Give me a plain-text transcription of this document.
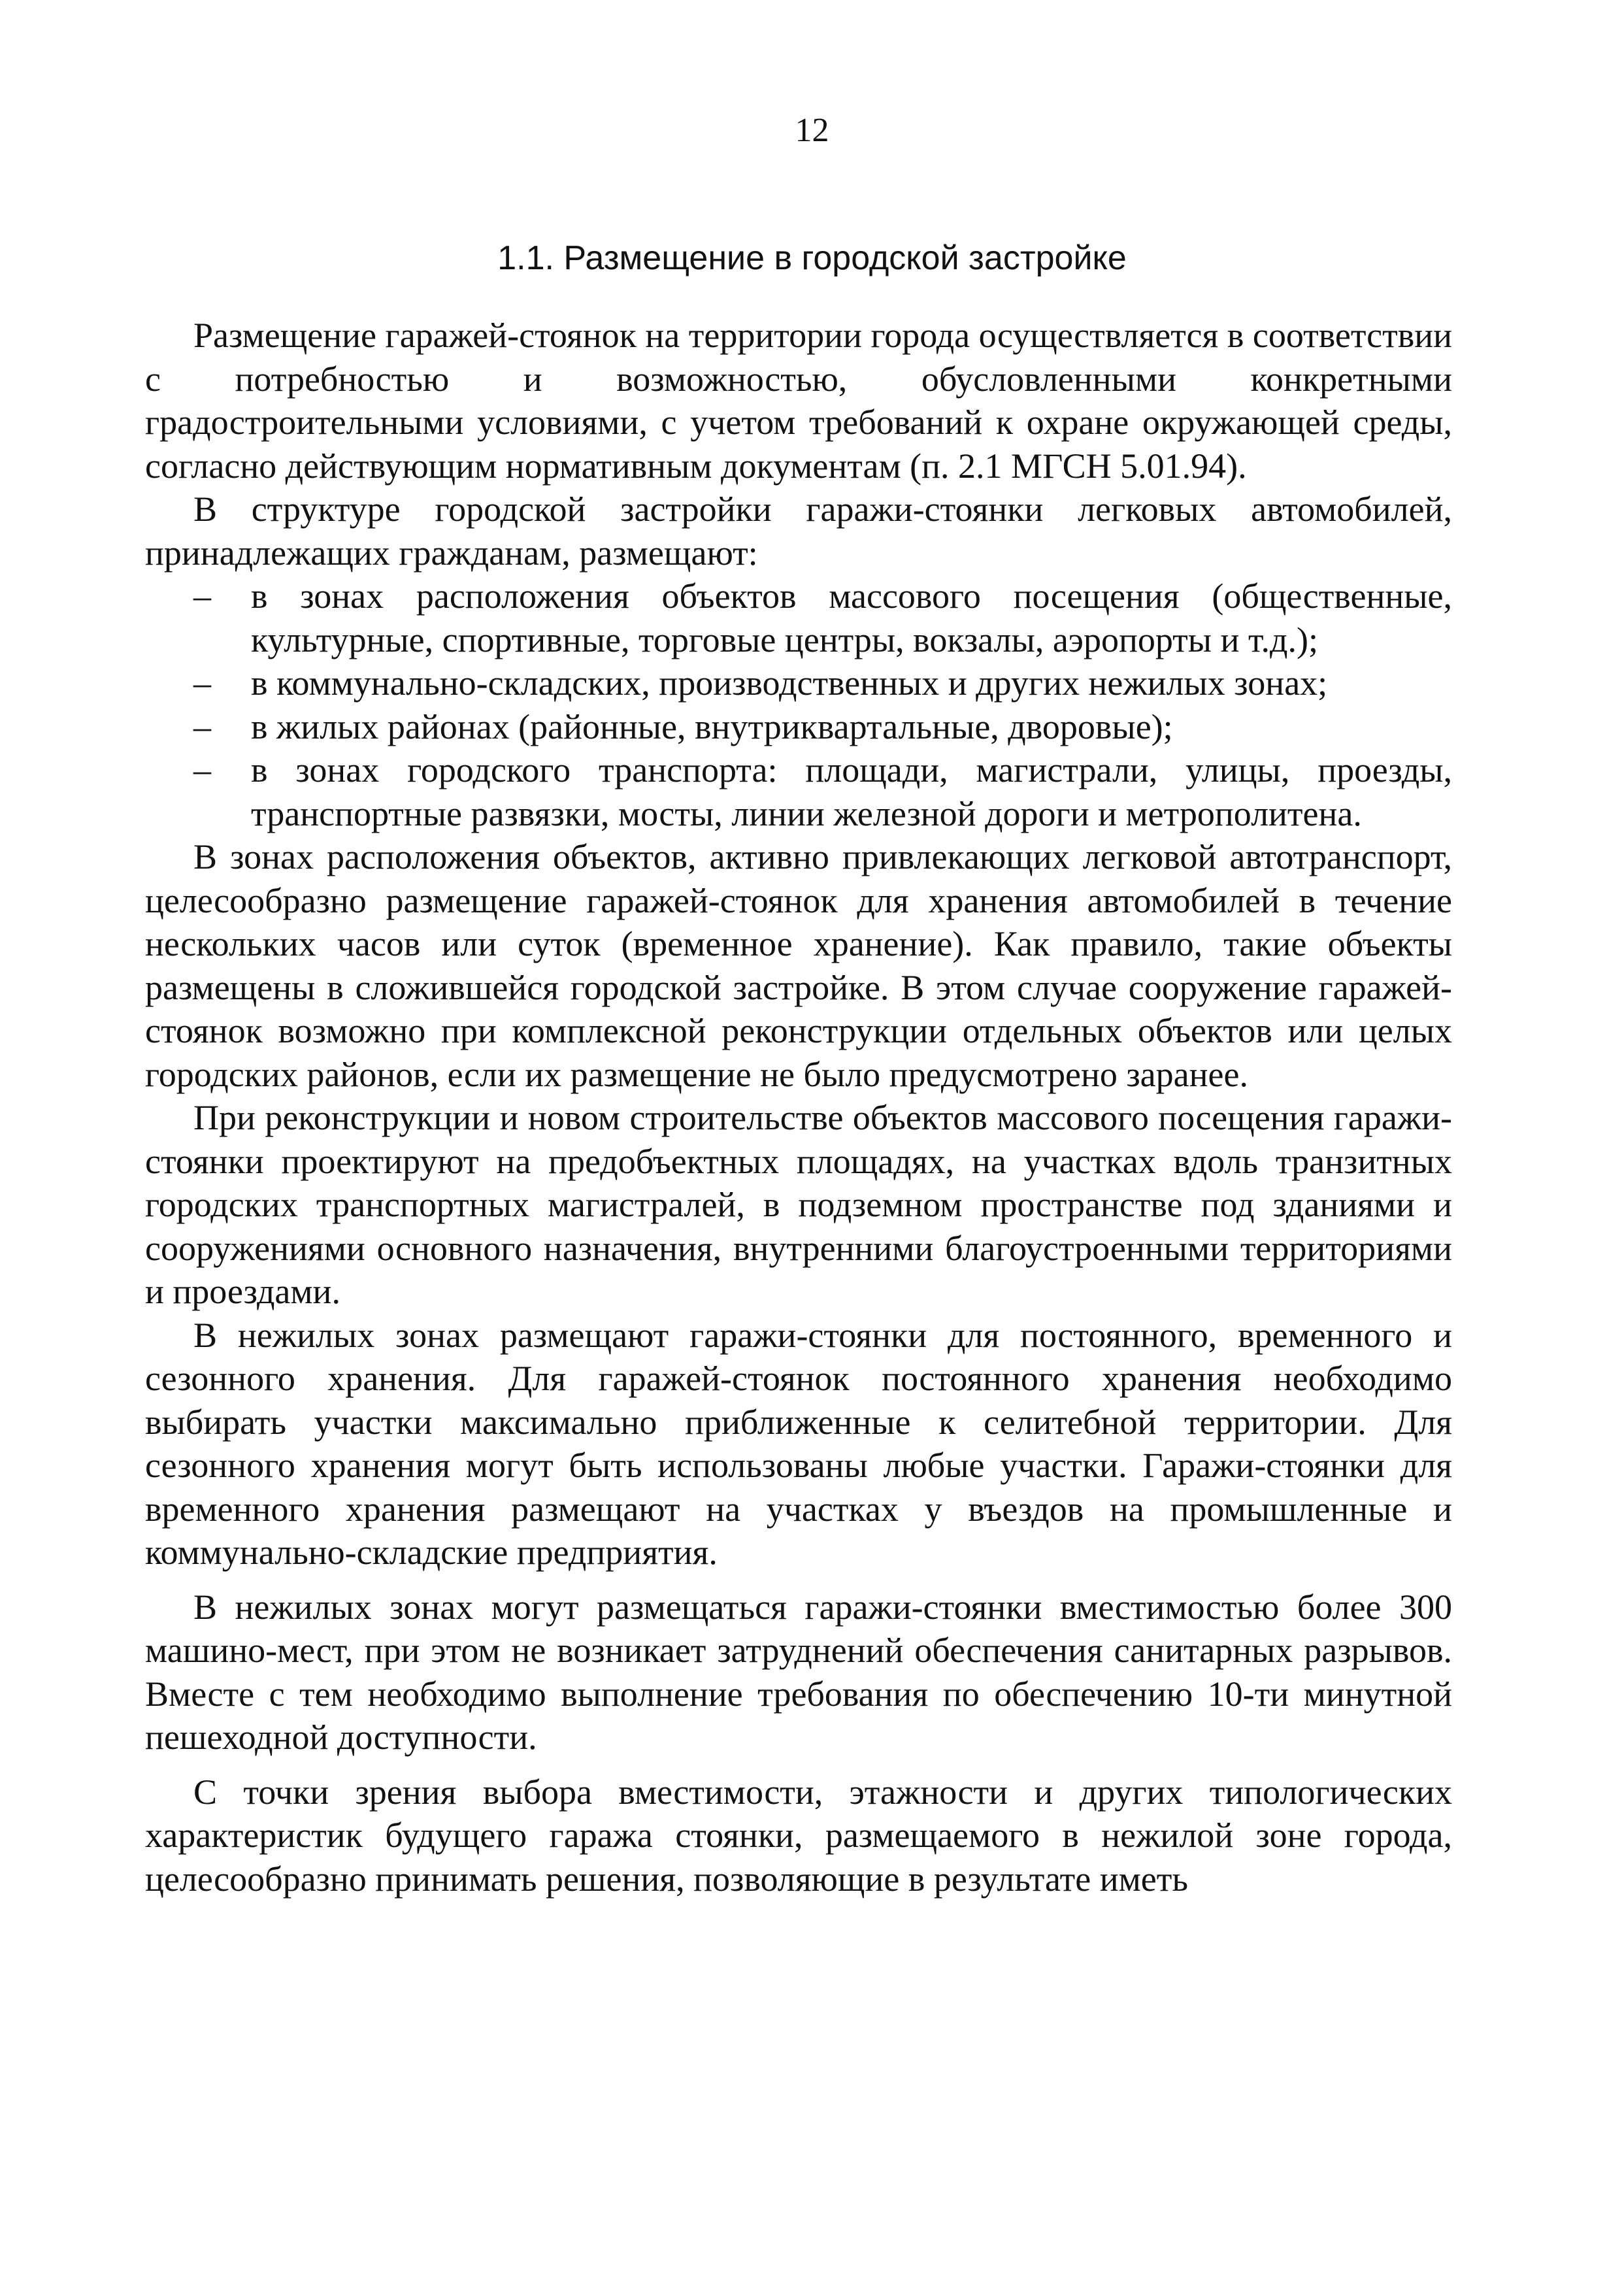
12
1.1. Размещение в городской застройке

Размещение гаражей-стоянок на территории города осуществляется в соответствии с потребностью и возможностью, обусловленными конкретными градостроительными условиями, с учетом требований к охране окружающей среды, согласно действующим нормативным документам (п. 2.1 МГСН 5.01.94).

В структуре городской застройки гаражи-стоянки легковых автомобилей, принадлежащих гражданам, размещают:

– в зонах расположения объектов массового посещения (общественные, культурные, спортивные, торговые центры, вокзалы, аэропорты и т.д.);
– в коммунально-складских, производственных и других нежилых зонах;
– в жилых районах (районные, внутриквартальные, дворовые);
– в зонах городского транспорта: площади, магистрали, улицы, проезды, транспортные развязки, мосты, линии железной дороги и метрополитена.

В зонах расположения объектов, активно привлекающих легковой автотранспорт, целесообразно размещение гаражей-стоянок для хранения автомобилей в течение нескольких часов или суток (временное хранение). Как правило, такие объекты размещены в сложившейся городской застройке. В этом случае сооружение гаражей-стоянок возможно при комплексной реконструкции отдельных объектов или целых городских районов, если их размещение не было предусмотрено заранее.

При реконструкции и новом строительстве объектов массового посещения гаражи-стоянки проектируют на предобъектных площадях, на участках вдоль транзитных городских транспортных магистралей, в подземном пространстве под зданиями и сооружениями основного назначения, внутренними благоустроенными территориями и проездами.

В нежилых зонах размещают гаражи-стоянки для постоянного, временного и сезонного хранения. Для гаражей-стоянок постоянного хранения необходимо выбирать участки максимально приближенные к селитебной территории. Для сезонного хранения могут быть использованы любые участки. Гаражи-стоянки для временного хранения размещают на участках у въездов на промышленные и коммунально-складские предприятия.

В нежилых зонах могут размещаться гаражи-стоянки вместимостью более 300 машино-мест, при этом не возникает затруднений обеспечения санитарных разрывов. Вместе с тем необходимо выполнение требования по обеспечению 10-ти минутной пешеходной доступности.

С точки зрения выбора вместимости, этажности и других типологических характеристик будущего гаража стоянки, размещаемого в нежилой зоне города, целесообразно принимать решения, позволяющие в результате иметь
